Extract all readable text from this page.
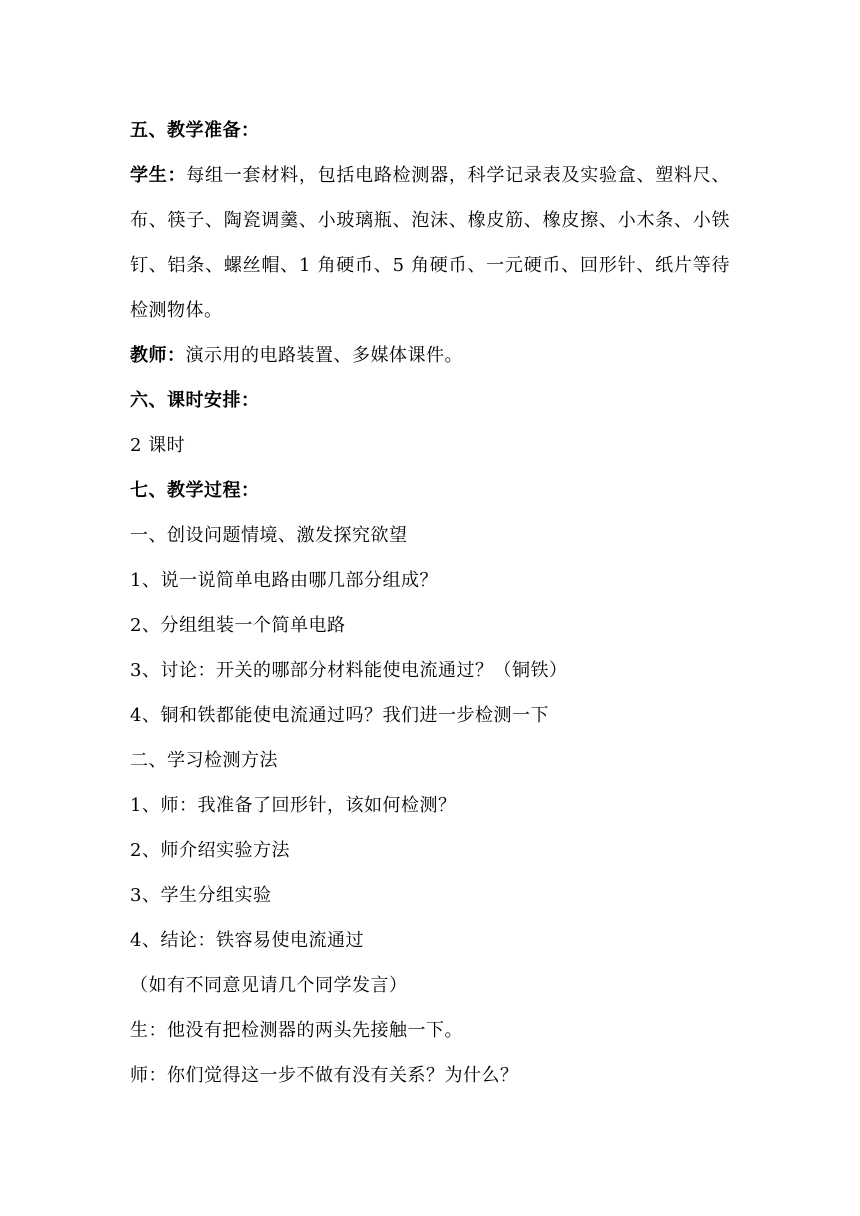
五、教学准备：
学生：每组一套材料，包括电路检测器，科学记录表及实验盒、塑料尺、布、筷子、陶瓷调羹、小玻璃瓶、泡沫、橡皮筋、橡皮擦、小木条、小铁钉、铝条、螺丝帽、1 角硬币、5 角硬币、一元硬币、回形针、纸片等待检测物体。
教师：演示用的电路装置、多媒体课件。
六、课时安排：
2 课时
七、教学过程：
一、创设问题情境、激发探究欲望
1、说一说简单电路由哪几部分组成？
2、分组组装一个简单电路
3、讨论：开关的哪部分材料能使电流通过？（铜铁）
4、铜和铁都能使电流通过吗？我们进一步检测一下
二、学习检测方法
1、师：我准备了回形针，该如何检测？
2、师介绍实验方法
3、学生分组实验
4、结论：铁容易使电流通过
（如有不同意见请几个同学发言）
生：他没有把检测器的两头先接触一下。
师：你们觉得这一步不做有没有关系？为什么？
